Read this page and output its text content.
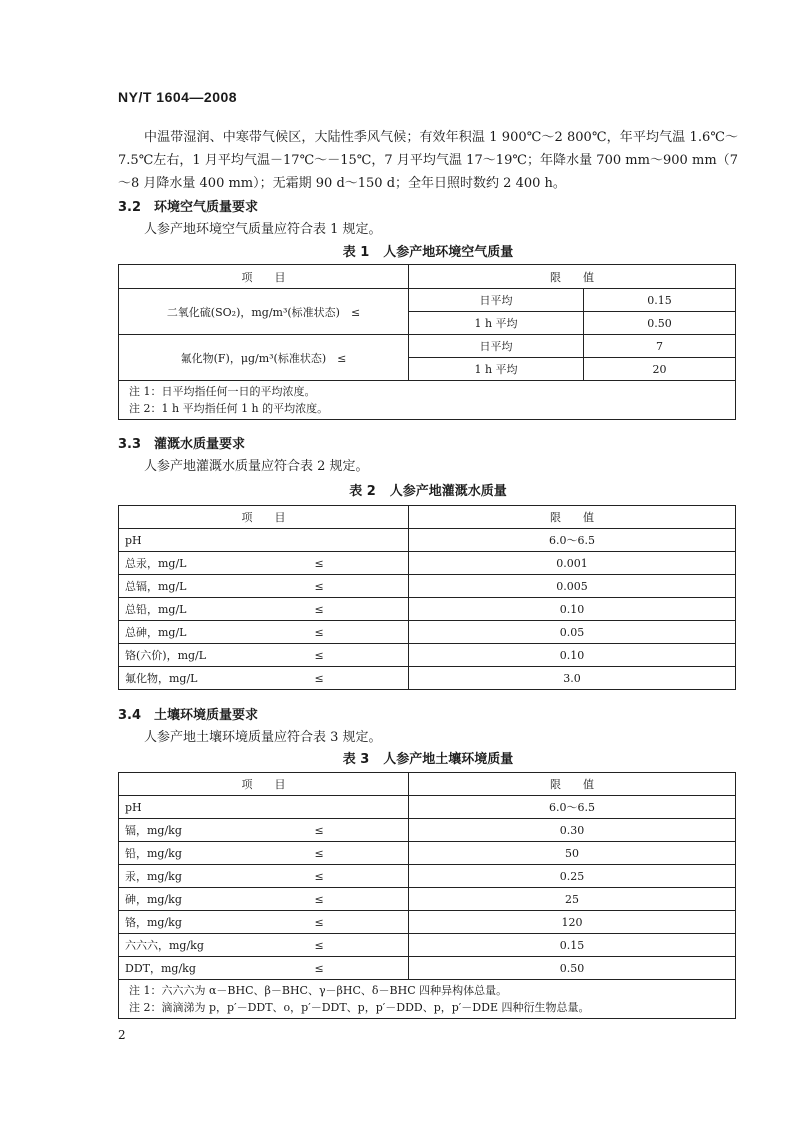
NY/T 1604—2008
中温带湿润、中寒带气候区，大陆性季风气候；有效年积温 1 900℃～2 800℃，年平均气温 1.6℃～7.5℃左右，1 月平均气温－17℃～－15℃，7 月平均气温 17～19℃；年降水量 700 mm～900 mm（7～8 月降水量 400 mm）；无霜期 90 d～150 d；全年日照时数约 2 400 h。
3.2 环境空气质量要求
人参产地环境空气质量应符合表 1 规定。
表 1 人参产地环境空气质量
项　　目	限　　值	
二氧化硫(SO₂)，mg/m³(标准状态)　≤	日平均	0.15
	1 h 平均	0.50
氟化物(F)，μg/m³(标准状态)　≤	日平均	7
	1 h 平均	20

注 1：日平均指任何一日的平均浓度。
注 2：1 h 平均指任何 1 h 的平均浓度。		
3.3 灌溉水质量要求
人参产地灌溉水质量应符合表 2 规定。
表 2 人参产地灌溉水质量
项　　目		限　　值
pH		6.0～6.5
总汞，mg/L	≤	0.001
总镉，mg/L	≤	0.005
总铅，mg/L	≤	0.10
总砷，mg/L	≤	0.05
铬(六价)，mg/L	≤	0.10
氟化物，mg/L	≤	3.0
3.4 土壤环境质量要求
人参产地土壤环境质量应符合表 3 规定。
表 3 人参产地土壤环境质量
项　　目		限　　值
pH		6.0～6.5
镉，mg/kg	≤	0.30
铅，mg/kg	≤	50
汞，mg/kg	≤	0.25
砷，mg/kg	≤	25
铬，mg/kg	≤	120
六六六，mg/kg	≤	0.15
DDT，mg/kg	≤	0.50

注 1：六六六为 α－BHC、β－BHC、γ－βHC、δ－BHC 四种异构体总量。
注 2：滴滴涕为 p，p′－DDT、o，p′－DDT、p，p′－DDD、p，p′－DDE 四种衍生物总量。		
2
